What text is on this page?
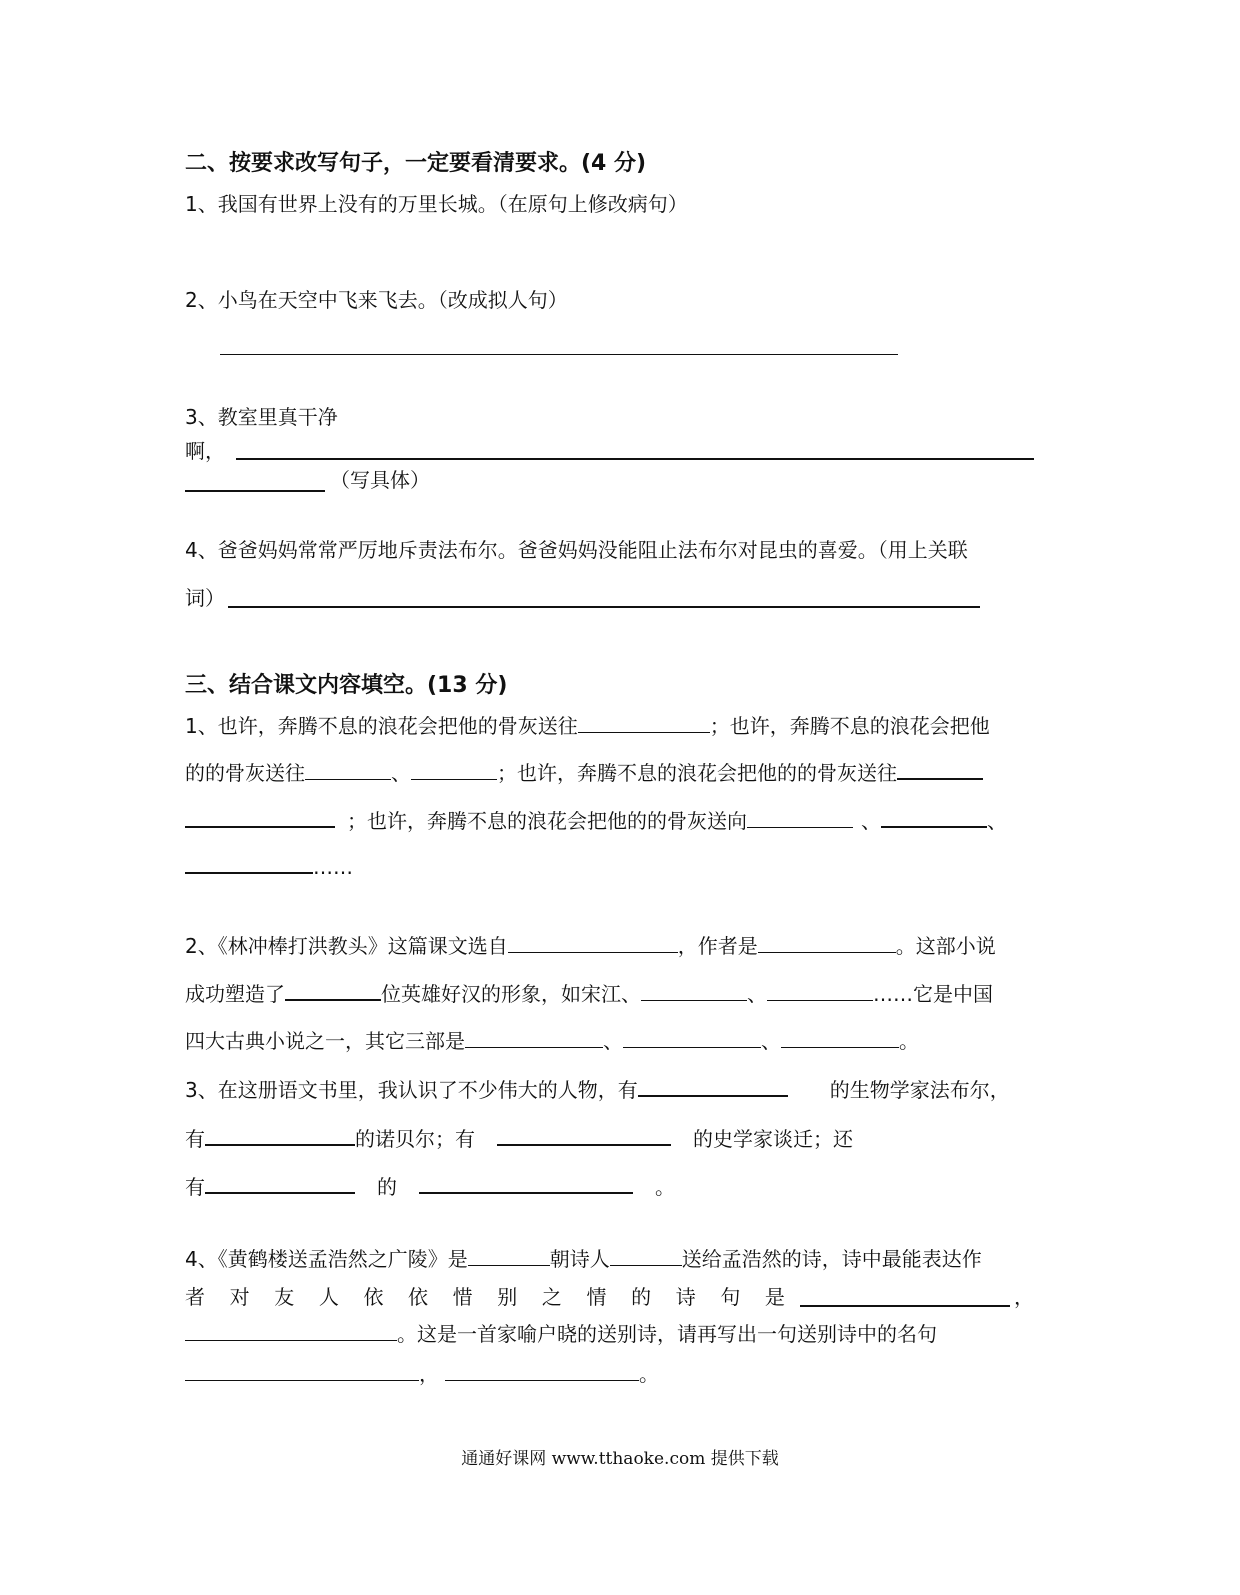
二、按要求改写句子，一定要看清要求。(4 分)
1、我国有世界上没有的万里长城。（在原句上修改病句）
2、小鸟在天空中飞来飞去。（改成拟人句）
3、教室里真干净
啊，
（写具体）
4、爸爸妈妈常常严厉地斥责法布尔。爸爸妈妈没能阻止法布尔对昆虫的喜爱。（用上关联
词）
三、结合课文内容填空。(13 分)
1、也许，奔腾不息的浪花会把他的骨灰送往	；也许，奔腾不息的浪花会把他
的的骨灰送往	、	；也许，奔腾不息的浪花会把他的的骨灰送往
；也许，奔腾不息的浪花会把他的的骨灰送向	、	、
……
2、《林冲棒打洪教头》这篇课文选自	，作者是	。这部小说
成功塑造了	位英雄好汉的形象，如宋江、	、	……它是中国
四大古典小说之一，其它三部是	、	、	。
3、在这册语文书里，我认识了不少伟大的人物，有	的生物学家法布尔，
有	的诺贝尔；有	的史学家谈迁；还
有	的	。
4、《黄鹤楼送孟浩然之广陵》是	朝诗人	送给孟浩然的诗，诗中最能表达作
者 对 友 人 依 依 惜 别 之 情 的 诗 句 是	，
。这是一首家喻户晓的送别诗，请再写出一句送别诗中的名句
，	。
通通好课网 www.tthaoke.com 提供下载
